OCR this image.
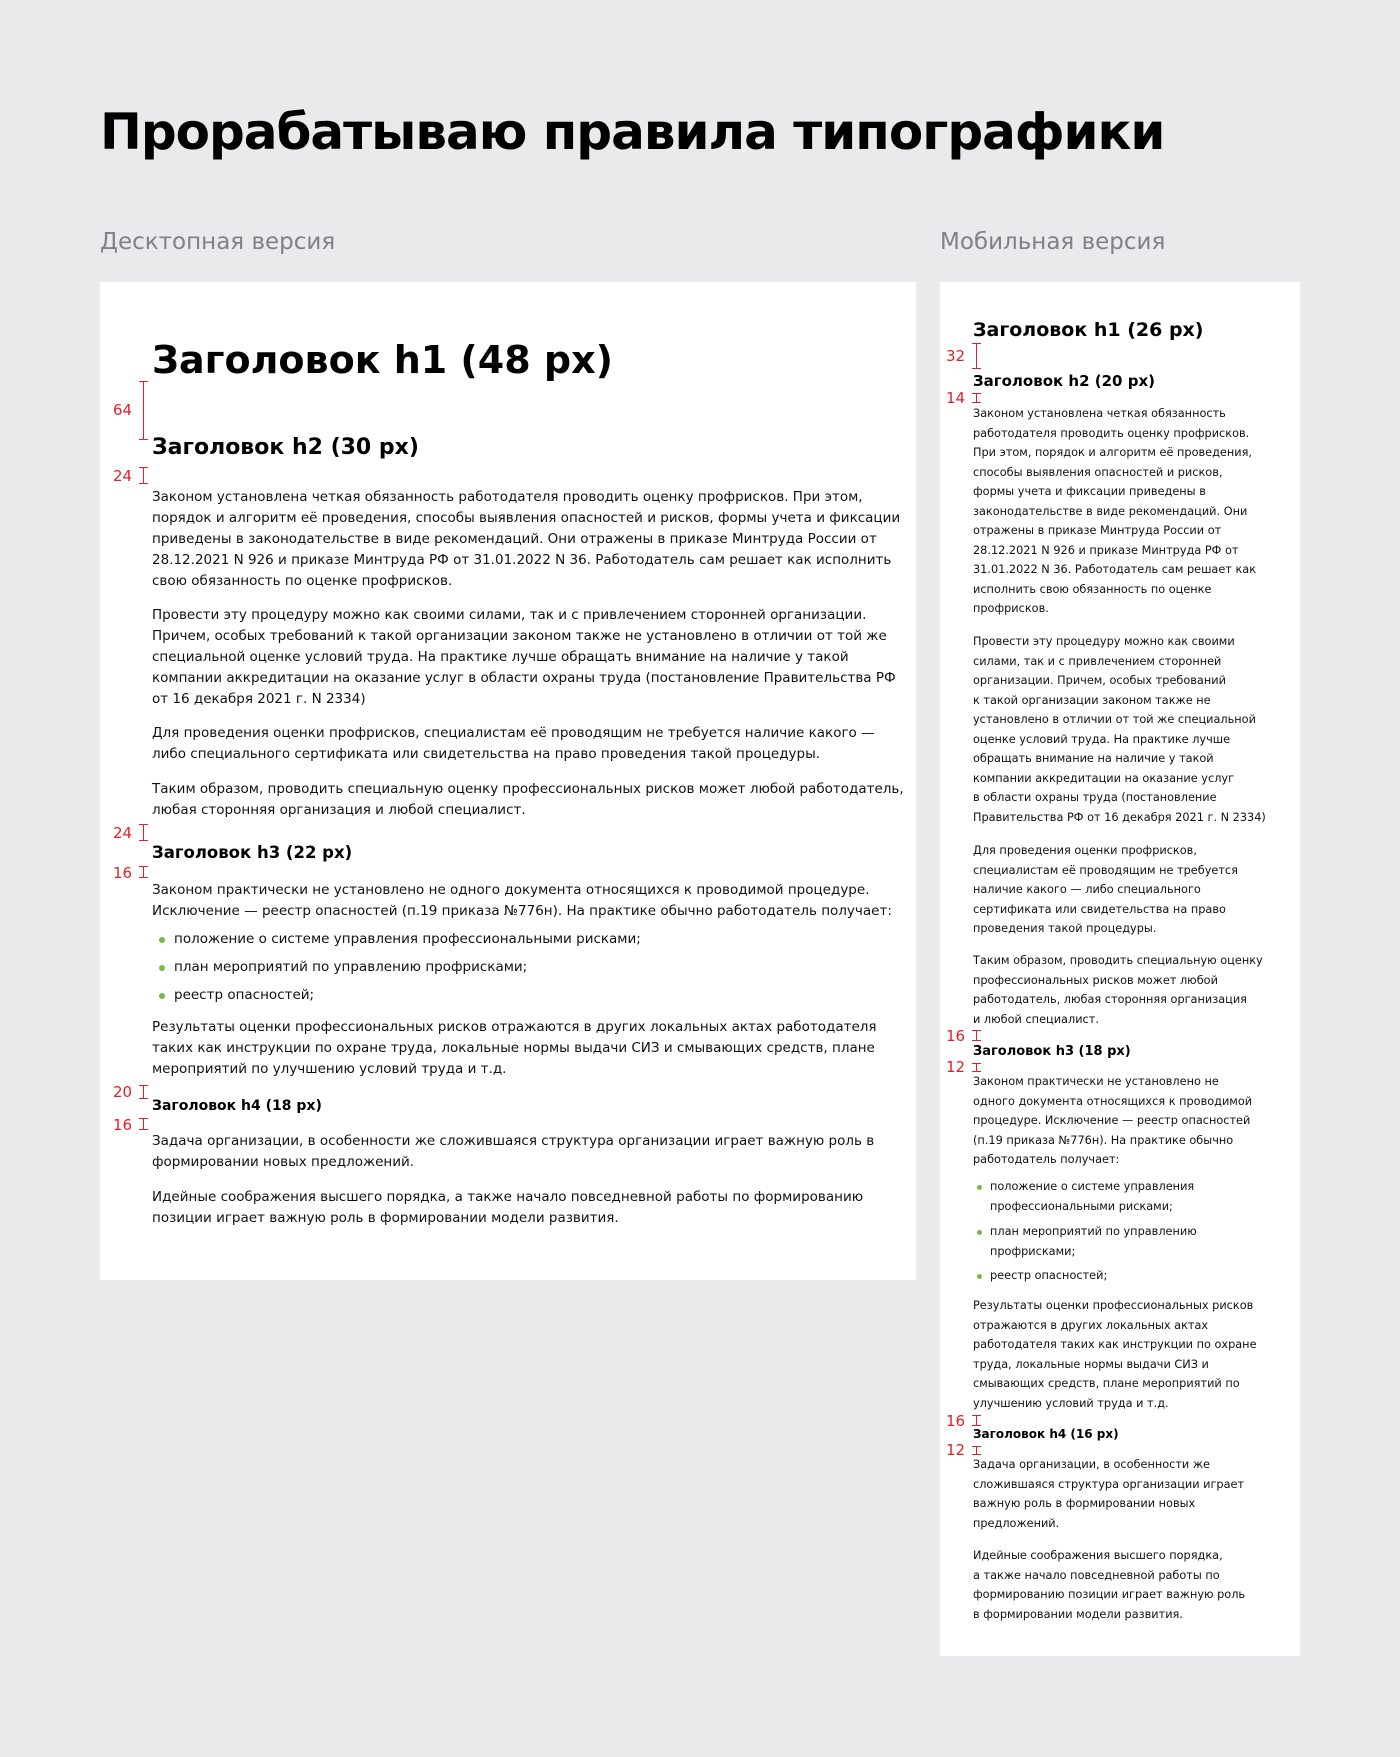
Прорабатываю правила типографики
Десктопная версия	Мобильная версия
Заголовок h1 (48 px)
Заголовок h2 (30 px)
Законом установлена четкая обязанность работодателя проводить оценку профрисков. При этом,
порядок и алгоритм её проведения, способы выявления опасностей и рисков, формы учета и фиксации
приведены в законодательстве в виде рекомендаций. Они отражены в приказе Минтруда России от
28.12.2021 N 926 и приказе Минтруда РФ от 31.01.2022 N 36. Работодатель сам решает как исполнить
свою обязанность по оценке профрисков.
Провести эту процедуру можно как своими силами, так и с привлечением сторонней организации.
Причем, особых требований к такой организации законом также не установлено в отличии от той же
специальной оценке условий труда. На практике лучше обращать внимание на наличие у такой
компании аккредитации на оказание услуг в области охраны труда (постановление Правительства РФ
от 16 декабря 2021 г. N 2334)
Для проведения оценки профрисков, специалистам её проводящим не требуется наличие какого —
либо специального сертификата или свидетельства на право проведения такой процедуры.
Таким образом, проводить специальную оценку профессиональных рисков может любой работодатель,
любая сторонняя организация и любой специалист.
Заголовок h3 (22 px)
Законом практически не установлено не одного документа относящихся к проводимой процедуре.
Исключение — реестр опасностей (п.19 приказа №776н). На практике обычно работодатель получает:
положение о системе управления профессиональными рисками;
план мероприятий по управлению профрисками;
реестр опасностей;
Результаты оценки профессиональных рисков отражаются в других локальных актах работодателя
таких как инструкции по охране труда, локальные нормы выдачи СИЗ и смывающих средств, плане
мероприятий по улучшению условий труда и т.д.
Заголовок h4 (18 px)
Задача организации, в особенности же сложившаяся структура организации играет важную роль в
формировании новых предложений.
Идейные соображения высшего порядка, а также начало повседневной работы по формированию
позиции играет важную роль в формировании модели развития.
64
24
24
16
20
16
Заголовок h1 (26 px)
Заголовок h2 (20 px)
Законом установлена четкая обязанность
работодателя проводить оценку профрисков.
При этом, порядок и алгоритм её проведения,
способы выявления опасностей и рисков,
формы учета и фиксации приведены в
законодательстве в виде рекомендаций. Они
отражены в приказе Минтруда России от
28.12.2021 N 926 и приказе Минтруда РФ от
31.01.2022 N 36. Работодатель сам решает как
исполнить свою обязанность по оценке
профрисков.
Провести эту процедуру можно как своими
силами, так и с привлечением сторонней
организации. Причем, особых требований
к такой организации законом также не
установлено в отличии от той же специальной
оценке условий труда. На практике лучше
обращать внимание на наличие у такой
компании аккредитации на оказание услуг
в области охраны труда (постановление
Правительства РФ от 16 декабря 2021 г. N 2334)
Для проведения оценки профрисков,
специалистам её проводящим не требуется
наличие какого — либо специального
сертификата или свидетельства на право
проведения такой процедуры.
Таким образом, проводить специальную оценку
профессиональных рисков может любой
работодатель, любая сторонняя организация
и любой специалист.
Заголовок h3 (18 px)
Законом практически не установлено не
одного документа относящихся к проводимой
процедуре. Исключение — реестр опасностей
(п.19 приказа №776н). На практике обычно
работодатель получает:
положение о системе управления
профессиональными рисками;
план мероприятий по управлению
профрисками;
реестр опасностей;
Результаты оценки профессиональных рисков
отражаются в других локальных актах
работодателя таких как инструкции по охране
труда, локальные нормы выдачи СИЗ и
смывающих средств, плане мероприятий по
улучшению условий труда и т.д.
Заголовок h4 (16 px)
Задача организации, в особенности же
сложившаяся структура организации играет
важную роль в формировании новых
предложений.
Идейные соображения высшего порядка,
а также начало повседневной работы по
формированию позиции играет важную роль
в формировании модели развития.
32
14
16
12
16
12
